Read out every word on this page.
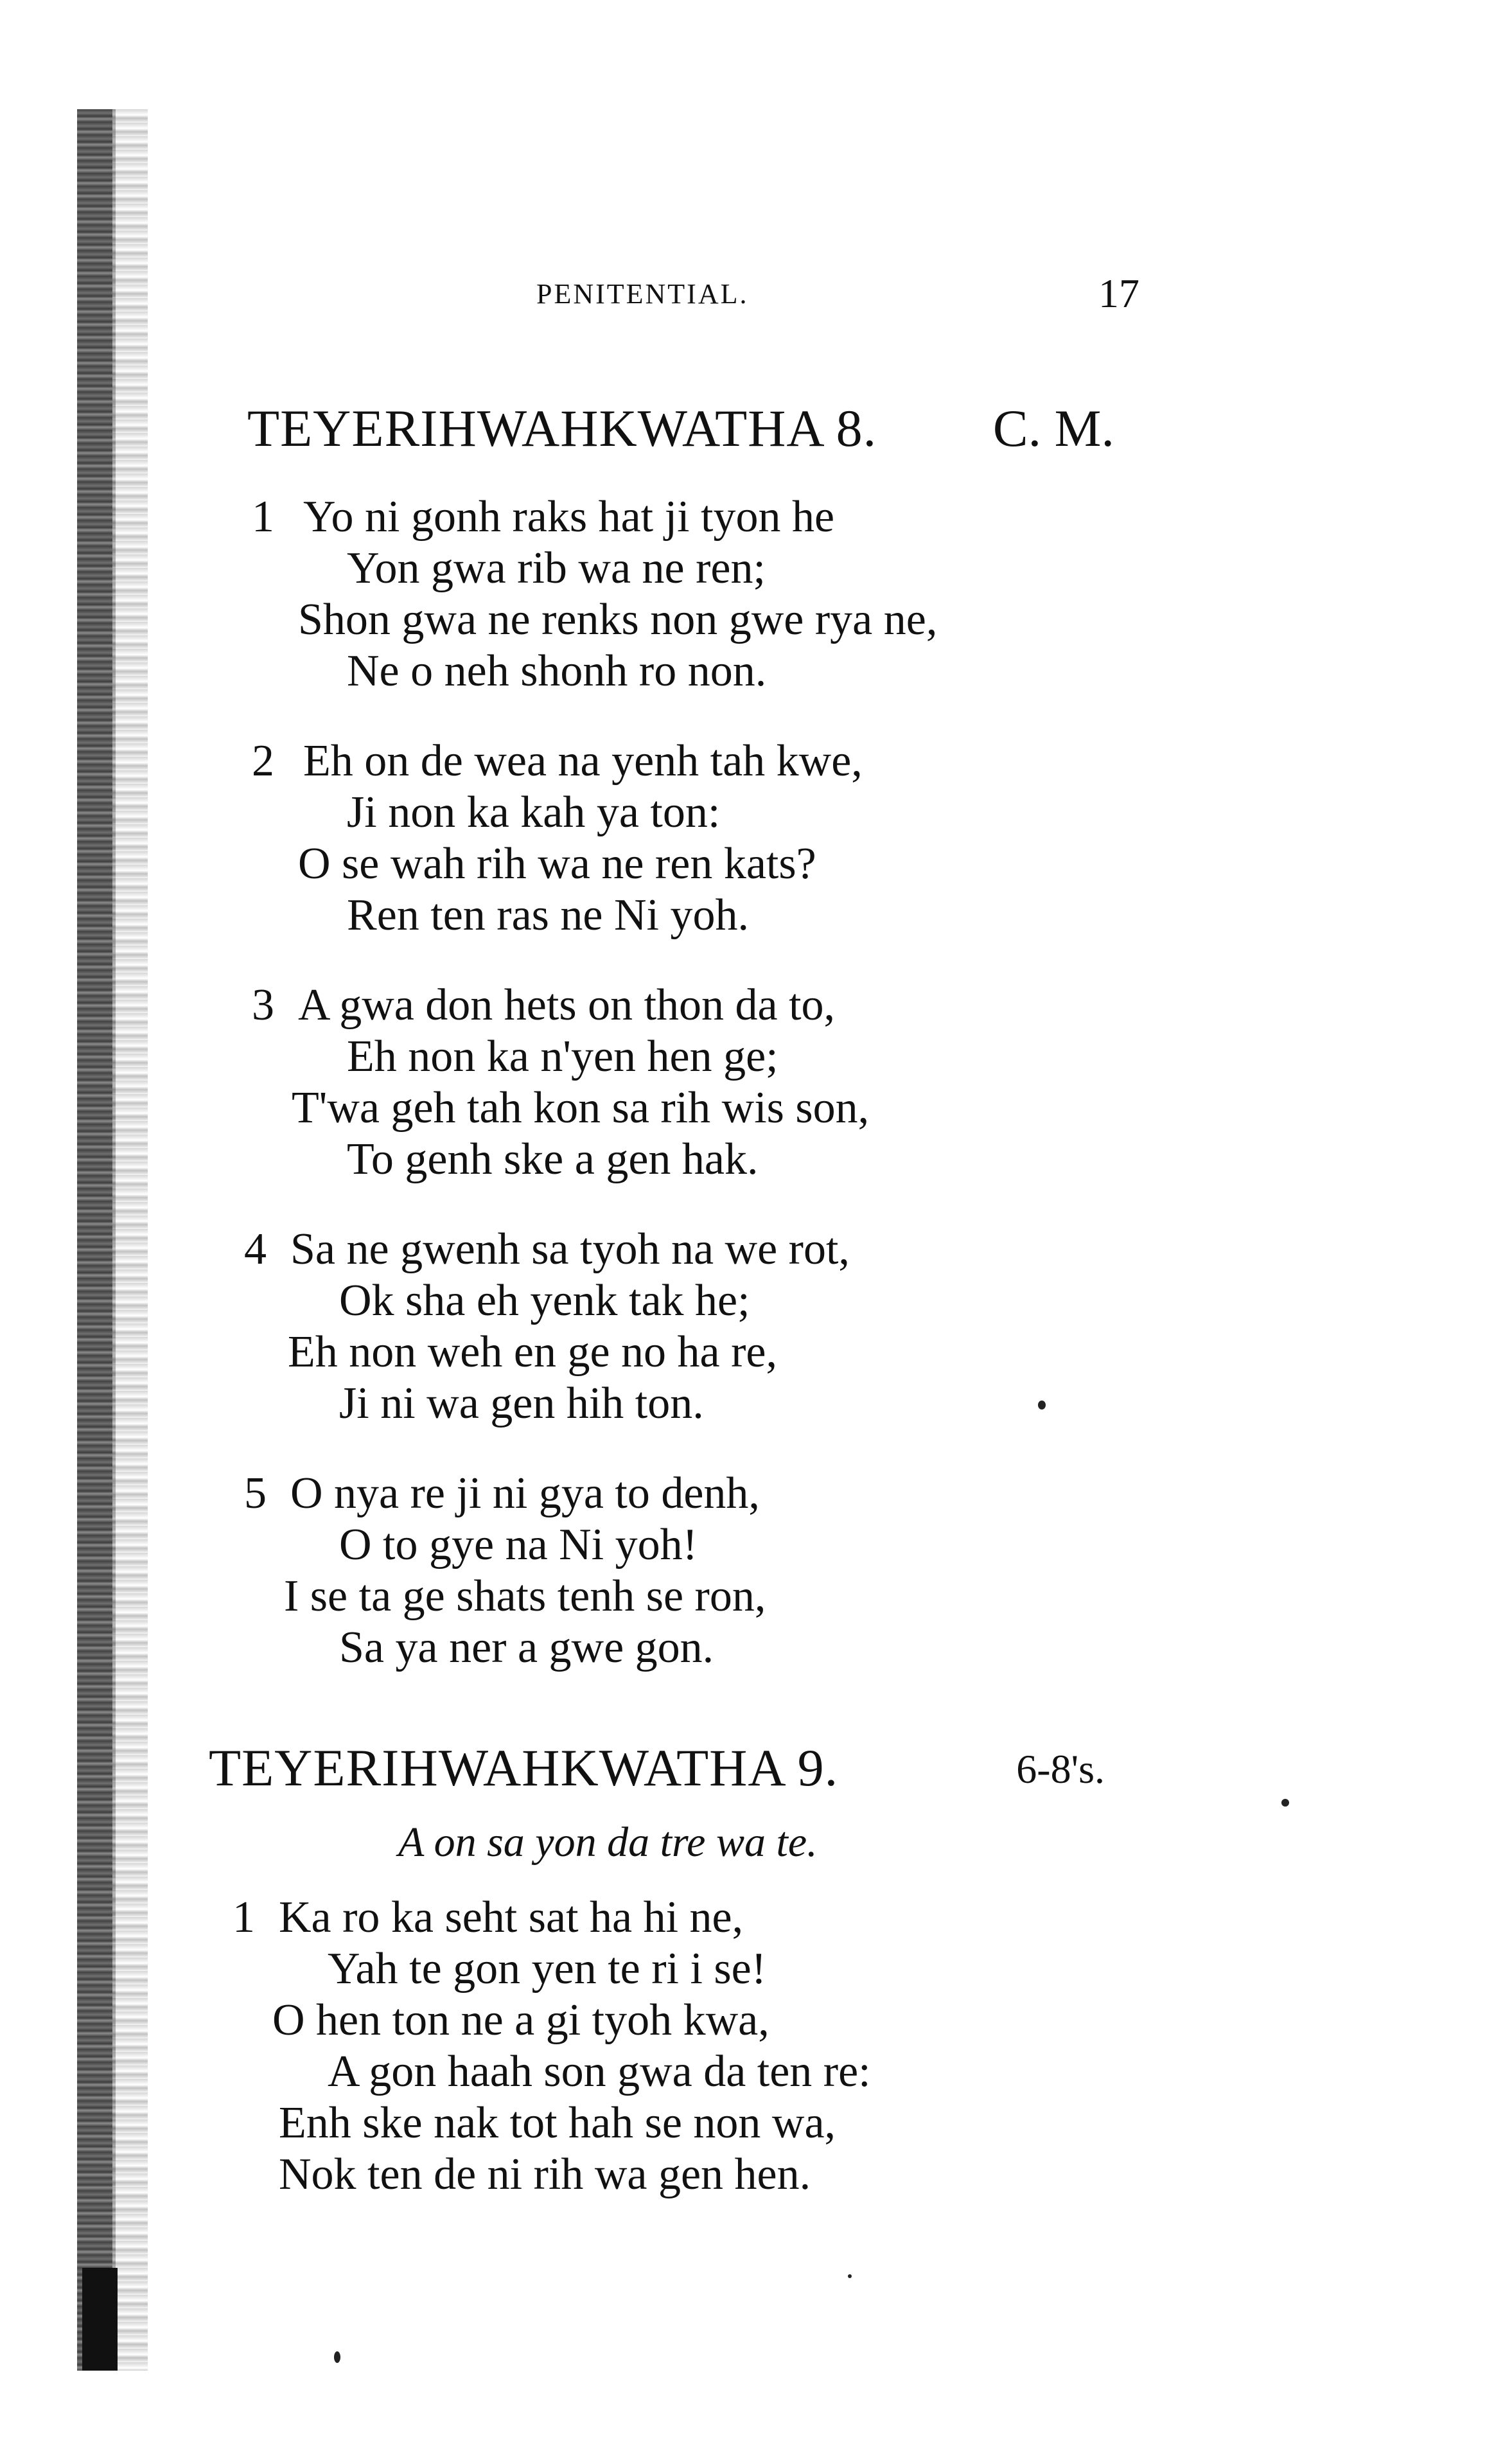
PENITENTIAL.	17
TEYERIHWAHKWATHA 8. C. M.
1 Yo ni gonh raks hat ji tyon he
Yon gwa rib wa ne ren;
Shon gwa ne renks non gwe rya ne,
Ne o neh shonh ro non.
2 Eh on de wea na yenh tah kwe,
Ji non ka kah ya ton:
O se wah rih wa ne ren kats?
Ren ten ras ne Ni yoh.
3 A gwa don hets on thon da to,
Eh non ka n'yen hen ge;
T'wa geh tah kon sa rih wis son,
To genh ske a gen hak.
4 Sa ne gwenh sa tyoh na we rot,
Ok sha eh yenk tak he;
Eh non weh en ge no ha re,
Ji ni wa gen hih ton.
5 O nya re ji ni gya to denh,
O to gye na Ni yoh!
I se ta ge shats tenh se ron,
Sa ya ner a gwe gon.
TEYERIHWAHKWATHA 9.	6-8's.
A on sa yon da tre wa te.
1 Ka ro ka seht sat ha hi ne,
Yah te gon yen te ri i se!
O hen ton ne a gi tyoh kwa,
A gon haah son gwa da ten re:
Enh ske nak tot hah se non wa,
Nok ten de ni rih wa gen hen.
